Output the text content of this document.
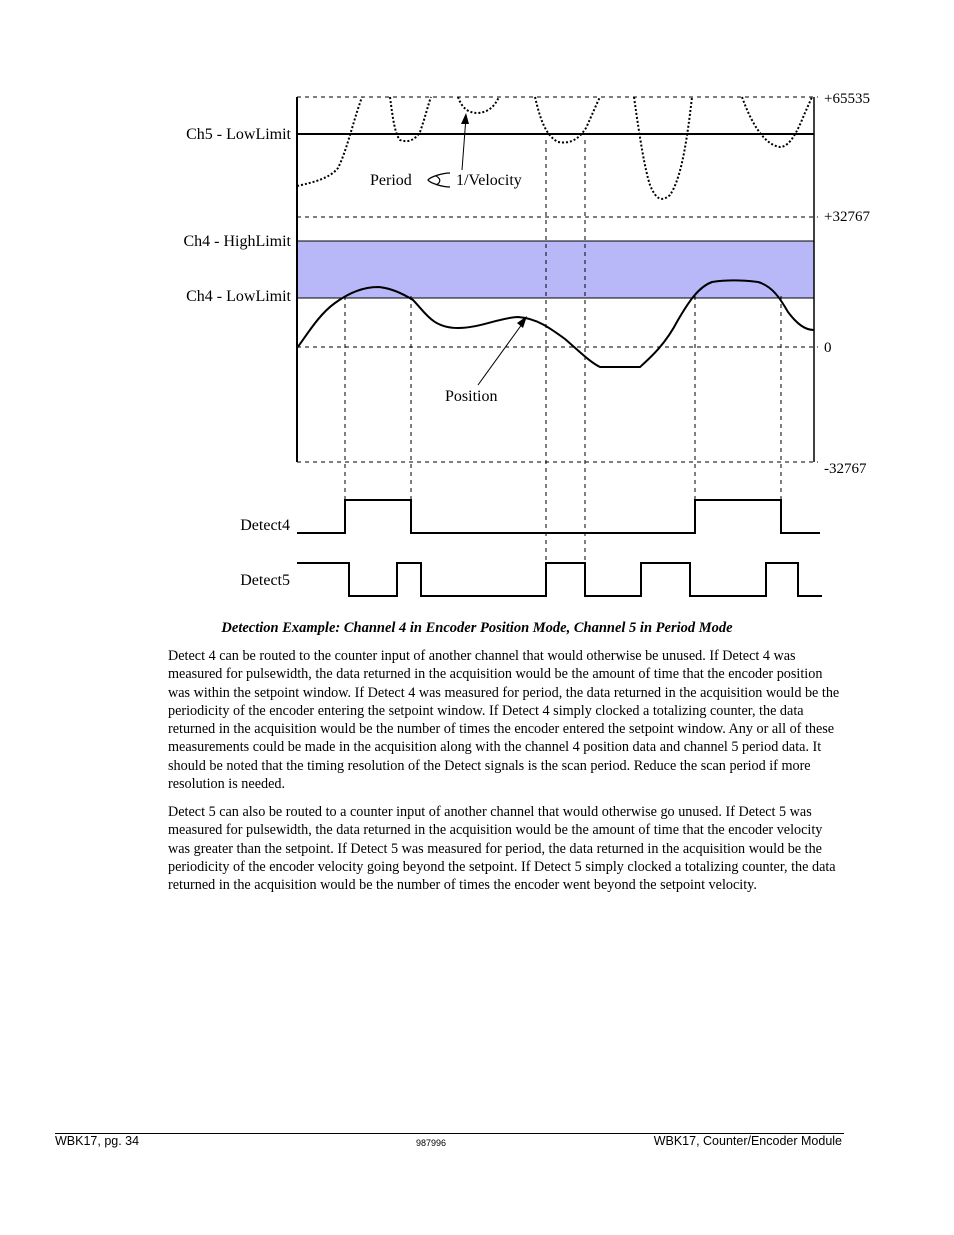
Ch5 - LowLimit
Ch4 - HighLimit
Ch4 - LowLimit
Detect4
Detect5
Period	1/Velocity
Position
+65535
+32767
0
-32767
Detection Example: Channel 4 in Encoder Position Mode, Channel 5 in Period Mode

Detect 4 can be routed to the counter input of another channel that would otherwise be unused. If Detect 4 was measured for pulsewidth, the data returned in the acquisition would be the amount of time that the encoder position was within the setpoint window. If Detect 4 was measured for period, the data returned in the acquisition would be the periodicity of the encoder entering the setpoint window. If Detect 4 simply clocked a totalizing counter, the data returned in the acquisition would be the number of times the encoder entered the setpoint window. Any or all of these measurements could be made in the acquisition along with the channel 4 position data and channel 5 period data. It should be noted that the timing resolution of the Detect signals is the scan period. Reduce the scan period if more resolution is needed.

Detect 5 can also be routed to a counter input of another channel that would otherwise go unused. If Detect 5 was measured for pulsewidth, the data returned in the acquisition would be the amount of time that the encoder velocity was greater than the setpoint. If Detect 5 was measured for period, the data returned in the acquisition would be the periodicity of the encoder velocity going beyond the setpoint. If Detect 5 simply clocked a totalizing counter, the data returned in the acquisition would be the number of times the encoder went beyond the setpoint velocity.

WBK17, pg. 34	987996	WBK17, Counter/Encoder Module
